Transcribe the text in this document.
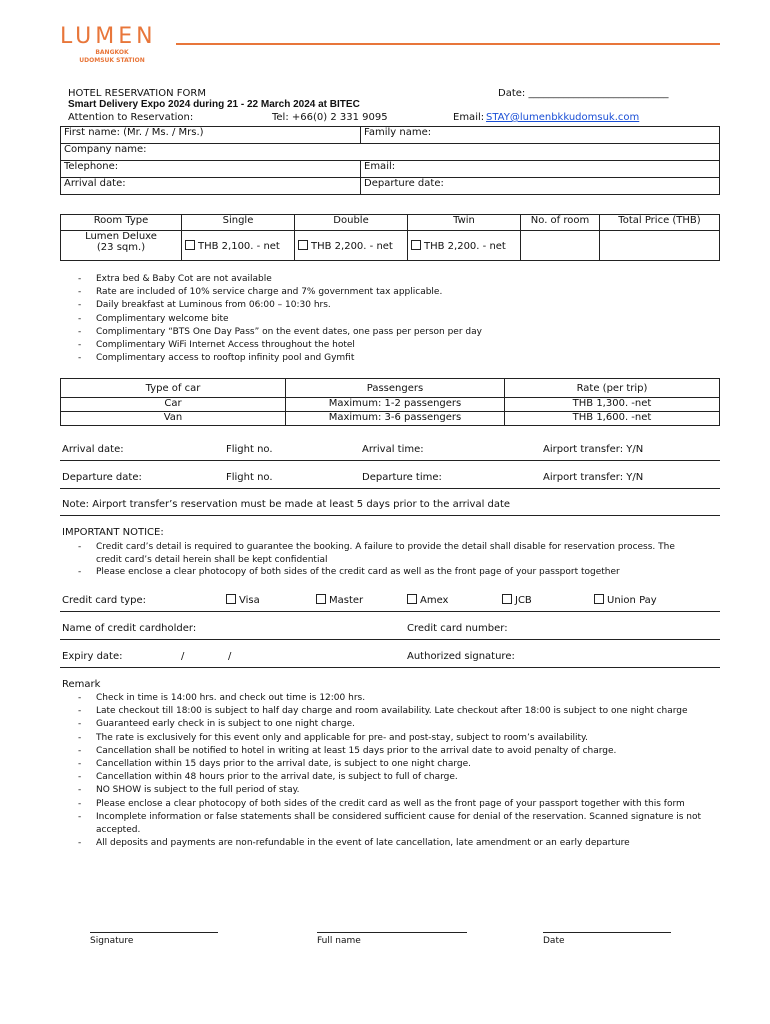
LUMEN
BANGKOK
UDOMSUK STATION
HOTEL RESERVATION FORM	Date: ____________________________
Smart Delivery Expo 2024 during 21 - 22 March 2024 at BITEC
Attention to Reservation:	Tel: +66(0) 2 331 9095	Email: STAY@lumenbkkudomsuk.com
First name: (Mr. / Ms. / Mrs.)	Family name:
Company name:	
Telephone:	Email:
Arrival date:	Departure date:
Room Type	Single	Double	Twin	No. of room	Total Price (THB)

Lumen Deluxe
(23 sqm.)	THB 2,100. - net	THB 2,200. - net	THB 2,200. - net		
- Extra bed & Baby Cot are not available
- Rate are included of 10% service charge and 7% government tax applicable.
- Daily breakfast at Luminous from 06:00 – 10:30 hrs.
- Complimentary welcome bite
- Complimentary “BTS One Day Pass” on the event dates, one pass per person per day
- Complimentary WiFi Internet Access throughout the hotel
- Complimentary access to rooftop infinity pool and Gymfit
Type of car	Passengers	Rate (per trip)
Car	Maximum: 1-2 passengers	THB 1,300. -net
Van	Maximum: 3-6 passengers	THB 1,600. -net
Arrival date:	Flight no.	Arrival time:	Airport transfer: Y/N
Departure date:	Flight no.	Departure time:	Airport transfer: Y/N
Note: Airport transfer’s reservation must be made at least 5 days prior to the arrival date
IMPORTANT NOTICE:
- Credit card’s detail is required to guarantee the booking. A failure to provide the detail shall disable for reservation process. The credit card’s detail herein shall be kept confidential
- Please enclose a clear photocopy of both sides of the credit card as well as the front page of your passport together
Credit card type:	Visa	Master	Amex	JCB	Union Pay
Name of credit cardholder:	Credit card number:
Expiry date:	/	/	Authorized signature:
Remark
- Check in time is 14:00 hrs. and check out time is 12:00 hrs.
- Late checkout till 18:00 is subject to half day charge and room availability. Late checkout after 18:00 is subject to one night charge
- Guaranteed early check in is subject to one night charge.
- The rate is exclusively for this event only and applicable for pre- and post-stay, subject to room’s availability.
- Cancellation shall be notified to hotel in writing at least 15 days prior to the arrival date to avoid penalty of charge.
- Cancellation within 15 days prior to the arrival date, is subject to one night charge.
- Cancellation within 48 hours prior to the arrival date, is subject to full of charge.
- NO SHOW is subject to the full period of stay.
- Please enclose a clear photocopy of both sides of the credit card as well as the front page of your passport together with this form
- Incomplete information or false statements shall be considered sufficient cause for denial of the reservation. Scanned signature is not accepted.
- All deposits and payments are non-refundable in the event of late cancellation, late amendment or an early departure
Signature	Full name	Date
